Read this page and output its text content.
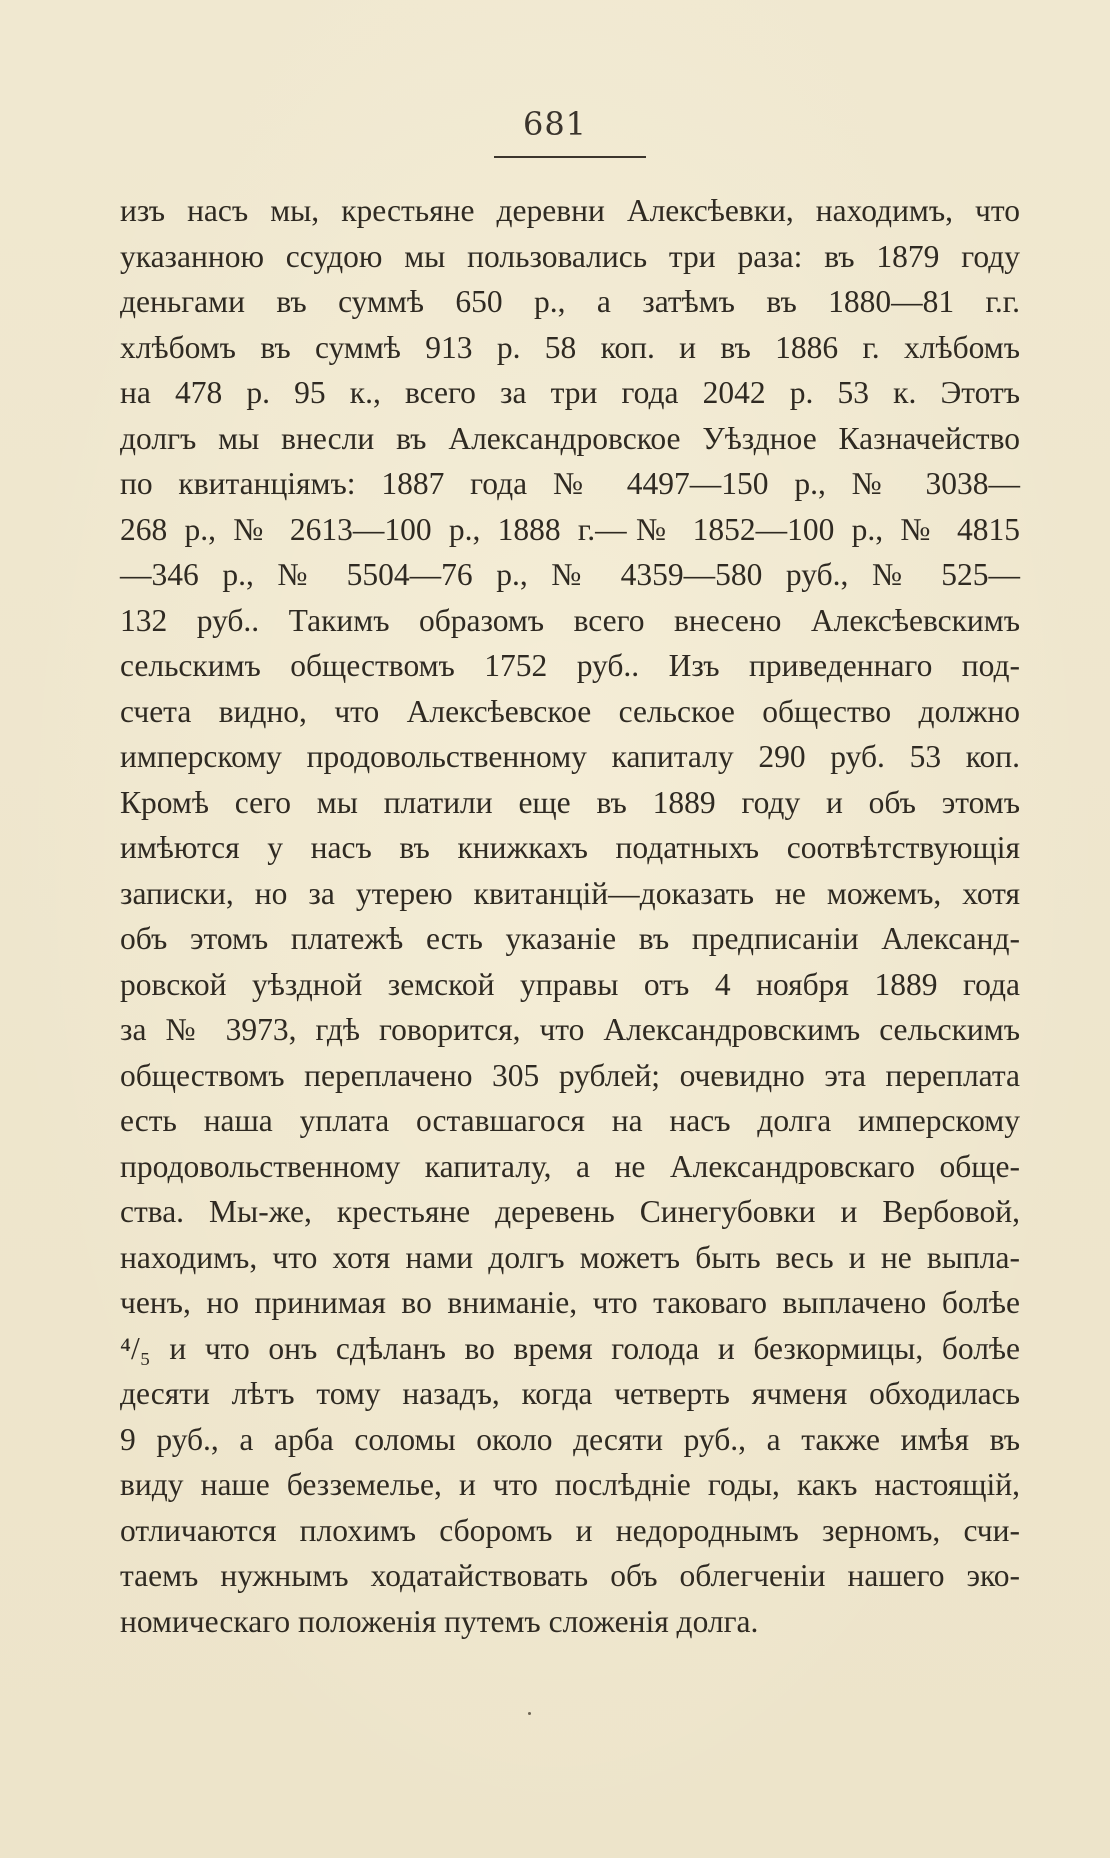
681
изъ насъ мы, крестьяне деревни Алексѣевки, находимъ, что
указанною ссудою мы пользовались три раза: въ 1879 году
деньгами въ суммѣ 650 р., а затѣмъ въ 1880—81 г.г.
хлѣбомъ въ суммѣ 913 р. 58 коп. и въ 1886 г. хлѣбомъ
на 478 р. 95 к., всего за три года 2042 р. 53 к. Этотъ
долгъ мы внесли въ Александровское Уѣздное Казначейство
по квитанціямъ: 1887 года № 4497—150 р., № 3038—
268 р., № 2613—100 р., 1888 г.—№ 1852—100 р., № 4815
—346 р., № 5504—76 р., № 4359—580 руб., № 525—
132 руб.. Такимъ образомъ всего внесено Алексѣевскимъ
сельскимъ обществомъ 1752 руб.. Изъ приведеннаго под-
счета видно, что Алексѣевское сельское общество должно
имперскому продовольственному капиталу 290 руб. 53 коп.
Кромѣ сего мы платили еще въ 1889 году и объ этомъ
имѣются у насъ въ книжкахъ податныхъ соотвѣтствующія
записки, но за утерею квитанцій—доказать не можемъ, хотя
объ этомъ платежѣ есть указаніе въ предписаніи Александ-
ровской уѣздной земской управы отъ 4 ноября 1889 года
за № 3973, гдѣ говорится, что Александровскимъ сельскимъ
обществомъ переплачено 305 рублей; очевидно эта переплата
есть наша уплата оставшагося на насъ долга имперскому
продовольственному капиталу, а не Александровскаго обще-
ства. Мы-же, крестьяне деревень Синегубовки и Вербовой,
находимъ, что хотя нами долгъ можетъ быть весь и не выпла-
ченъ, но принимая во вниманіе, что таковаго выплачено болѣе
⁴/₅ и что онъ сдѣланъ во время голода и безкормицы, болѣе
десяти лѣтъ тому назадъ, когда четверть ячменя обходилась
9 руб., а арба соломы около десяти руб., а также имѣя въ
виду наше безземелье, и что послѣдніе годы, какъ настоящій,
отличаются плохимъ сборомъ и недороднымъ зерномъ, счи-
таемъ нужнымъ ходатайствовать объ облегченіи нашего эко-
номическаго положенія путемъ сложенія долга.
